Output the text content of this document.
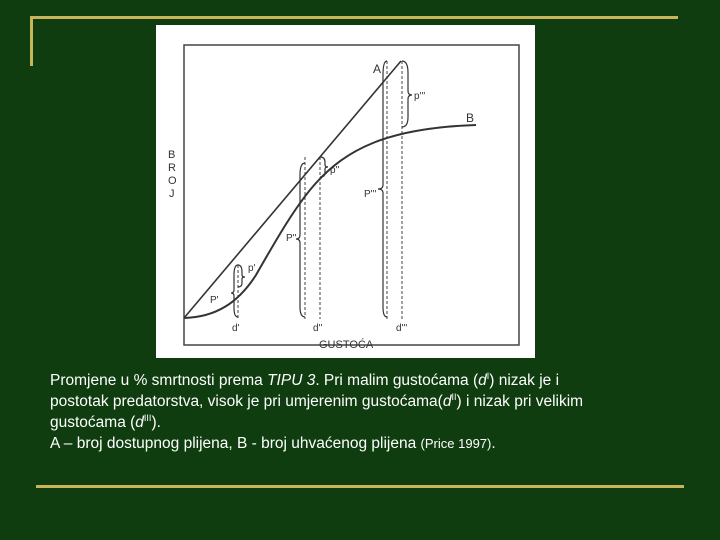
A
B
B
R
O
J
d'	d''	d'''
GUSTOĆA
P'
p'
P''
p''
P'''
p'''
Promjene u % smrtnosti prema TIPU 3. Pri malim gustoćama $(d^I)$ nizak je i
postotak predatorstva, visok je pri umjerenim $gustoćama(d^{II})$ i nizak pri velikim
gustoćama $(d^{III})$.
A – broj dostupnog plijena, B - broj uhvaćenog plijena (Price 1997).
